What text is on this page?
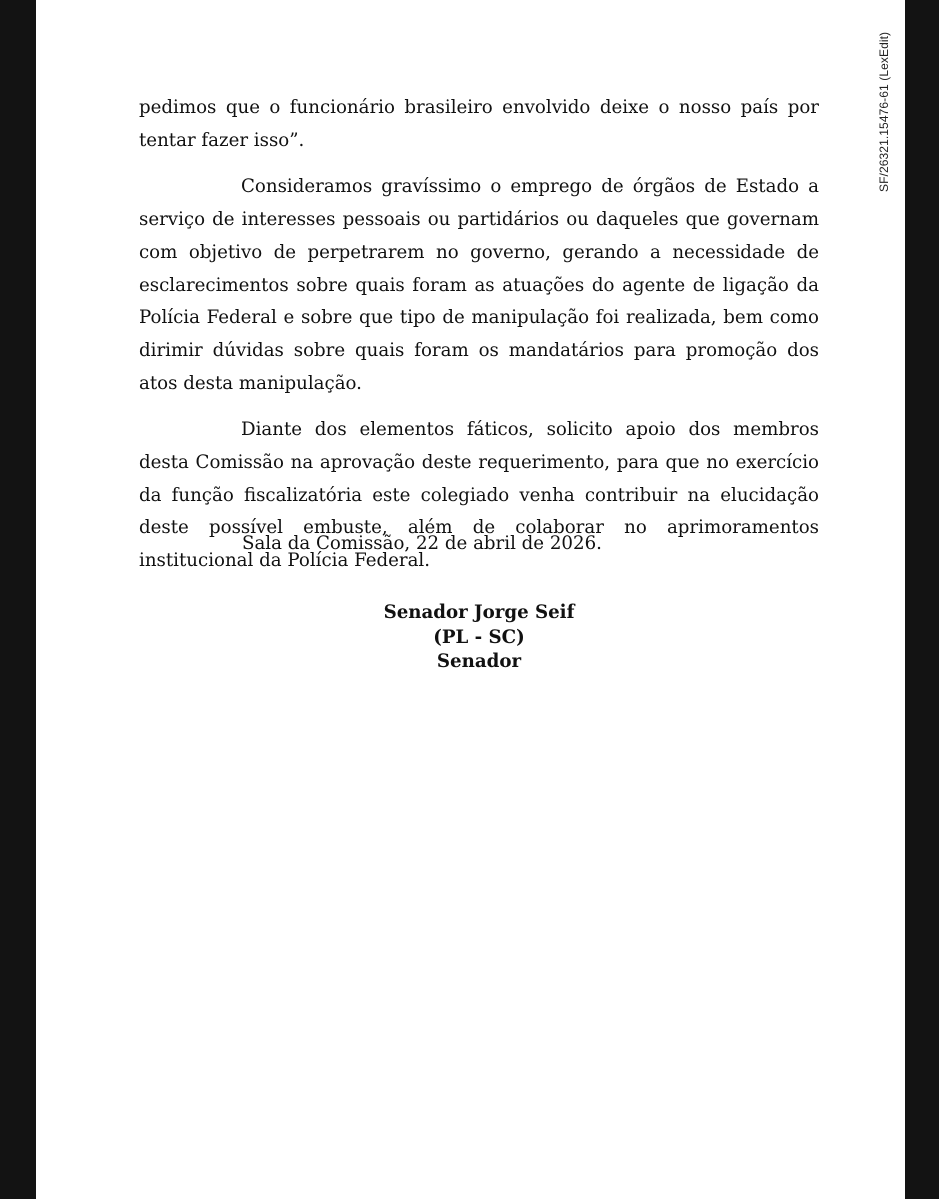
SF/26321.15476-61 (LexEdit)

pedimos que o funcionário brasileiro envolvido deixe o nosso país por tentar fazer isso”.

Consideramos gravíssimo o emprego de órgãos de Estado a serviço de interesses pessoais ou partidários ou daqueles que governam com objetivo de perpetrarem no governo, gerando a necessidade de esclarecimentos sobre quais foram as atuações do agente de ligação da Polícia Federal e sobre que tipo de manipulação foi realizada, bem como dirimir dúvidas sobre quais foram os mandatários para promoção dos atos desta manipulação.

Diante dos elementos fáticos, solicito apoio dos membros desta Comissão na aprovação deste requerimento, para que no exercício da função fiscalizatória este colegiado venha contribuir na elucidação deste possível embuste, além de colaborar no aprimoramentos institucional da Polícia Federal.

Sala da Comissão, 22 de abril de 2026.
Senador Jorge Seif
(PL - SC)
Senador
